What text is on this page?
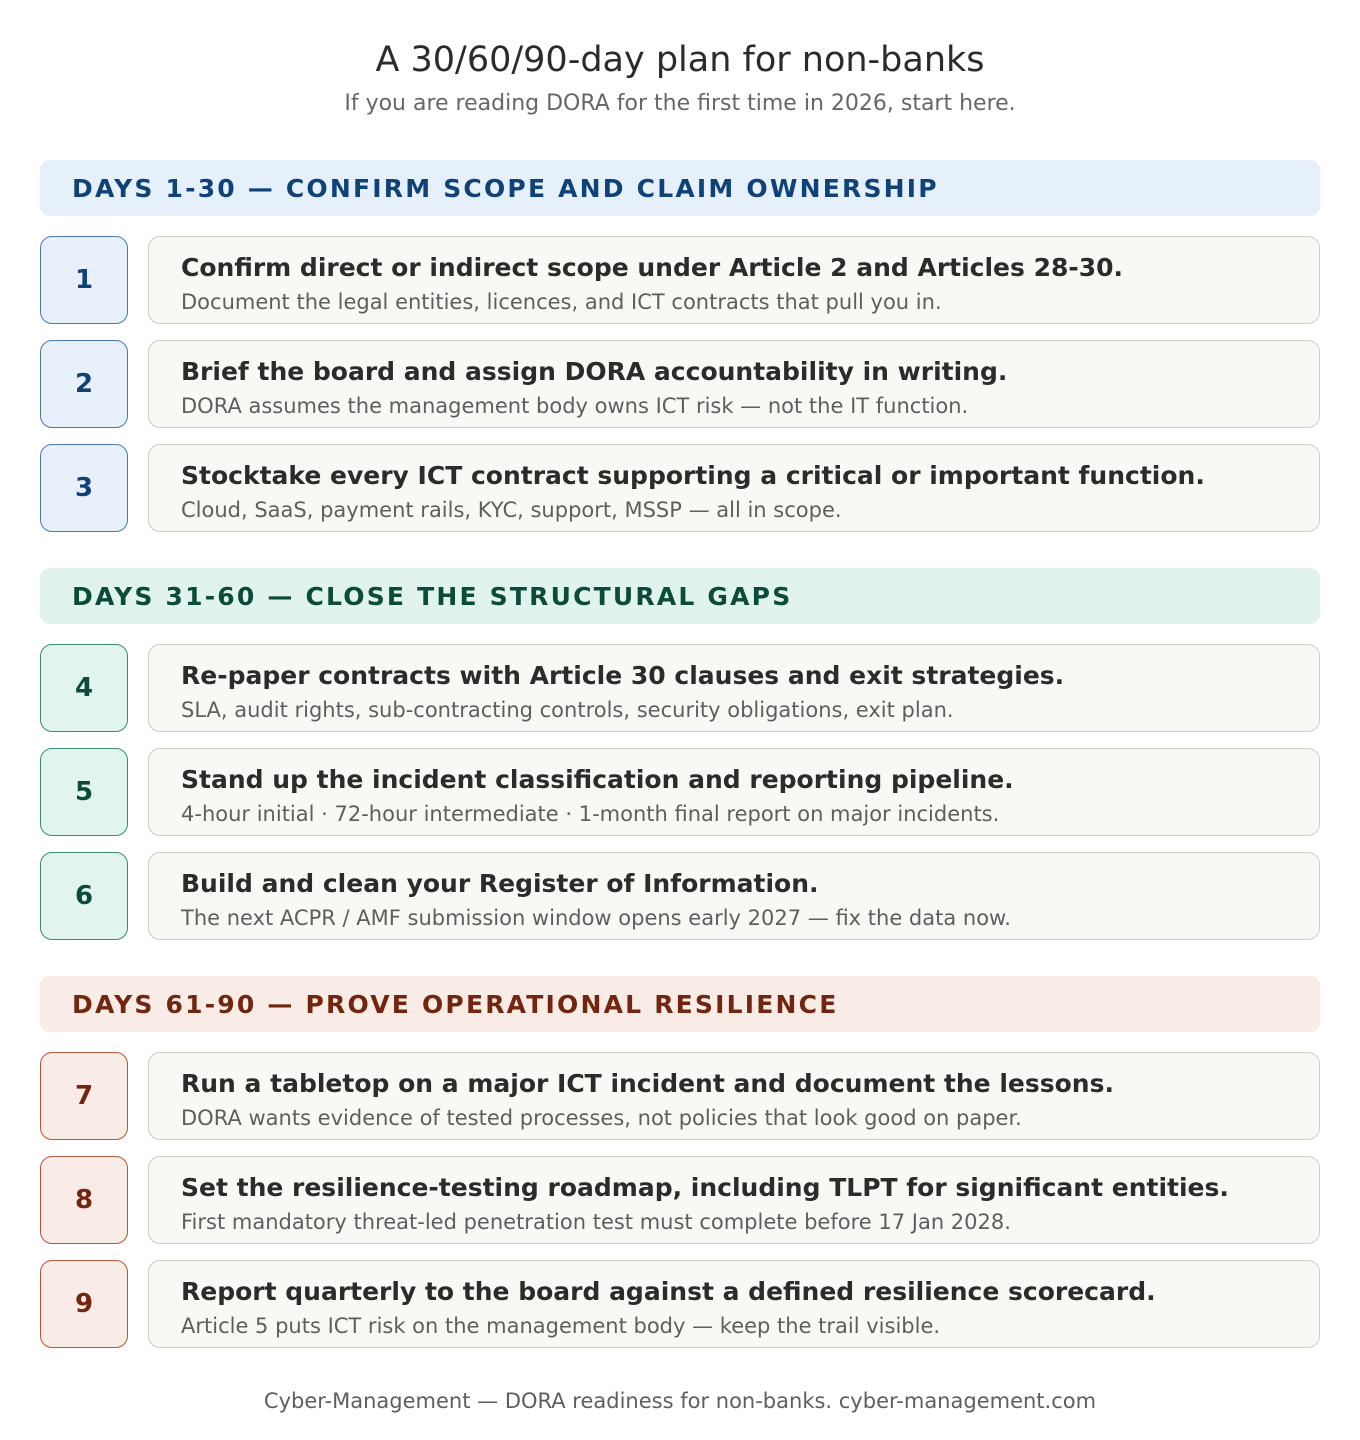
A 30/60/90-day plan for non-banks
If you are reading DORA for the first time in 2026, start here.
DAYS 1-30 — CONFIRM SCOPE AND CLAIM OWNERSHIP
1	Confirm direct or indirect scope under Article 2 and Articles 28-30.
Document the legal entities, licences, and ICT contracts that pull you in.
2	Brief the board and assign DORA accountability in writing.
DORA assumes the management body owns ICT risk — not the IT function.
3	Stocktake every ICT contract supporting a critical or important function.
Cloud, SaaS, payment rails, KYC, support, MSSP — all in scope.
DAYS 31-60 — CLOSE THE STRUCTURAL GAPS
4	Re-paper contracts with Article 30 clauses and exit strategies.
SLA, audit rights, sub-contracting controls, security obligations, exit plan.
5	Stand up the incident classification and reporting pipeline.
4-hour initial · 72-hour intermediate · 1-month final report on major incidents.
6	Build and clean your Register of Information.
The next ACPR / AMF submission window opens early 2027 — fix the data now.
DAYS 61-90 — PROVE OPERATIONAL RESILIENCE
7	Run a tabletop on a major ICT incident and document the lessons.
DORA wants evidence of tested processes, not policies that look good on paper.
8	Set the resilience-testing roadmap, including TLPT for significant entities.
First mandatory threat-led penetration test must complete before 17 Jan 2028.
9	Report quarterly to the board against a defined resilience scorecard.
Article 5 puts ICT risk on the management body — keep the trail visible.
Cyber-Management — DORA readiness for non-banks. cyber-management.com
